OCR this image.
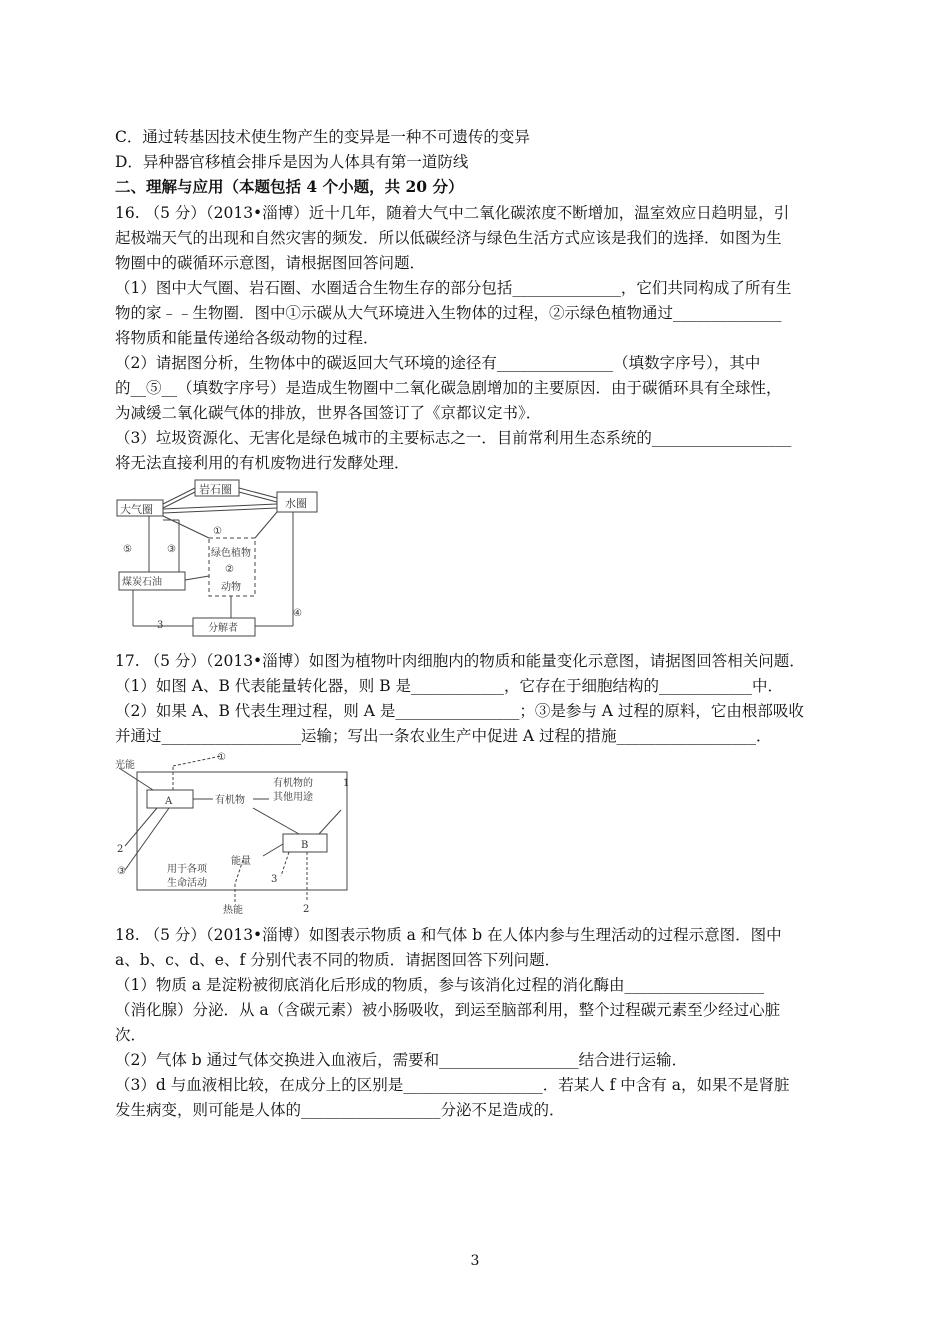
C．通过转基因技术使生物产生的变异是一种不可遗传的变异
D．异种器官移植会排斥是因为人体具有第一道防线
二、理解与应用（本题包括 4 个小题，共 20 分）
16. （5 分）（2013•淄博）近十几年，随着大气中二氧化碳浓度不断增加，温室效应日趋明显，引
起极端天气的出现和自然灾害的频发．所以低碳经济与绿色生活方式应该是我们的选择．如图为生
物圈中的碳循环示意图，请根据图回答问题．
（1）图中大气圈、岩石圈、水圈适合生物生存的部分包括______________，它们共同构成了所有生
物的家﹣﹣生物圈．图中①示碳从大气环境进入生物体的过程，②示绿色植物通过______________
将物质和能量传递给各级动物的过程．
（2）请据图分析，生物体中的碳返回大气环境的途径有_______________（填数字序号），其中
的__⑤__（填数字序号）是造成生物圈中二氧化碳急剧增加的主要原因．由于碳循环具有全球性，
为减缓二氧化碳气体的排放，世界各国签订了《京都议定书》．
（3）垃圾资源化、无害化是绿色城市的主要标志之一．目前常利用生态系统的__________________
将无法直接利用的有机废物进行发酵处理．
岩石圈
大气圈	水圈
绿色植物
动物
煤炭石油
分解者
①
②
③
④
⑤
3
17. （5 分）（2013•淄博）如图为植物叶肉细胞内的物质和能量变化示意图，请据图回答相关问题．
（1）如图 A、B 代表能量转化器，则 B 是____________，它存在于细胞结构的____________中．
（2）如果 A、B 代表生理过程，则 A 是________________；③是参与 A 过程的原料，它由根部吸收
并通过__________________运输；写出一条农业生产中促进 A 过程的措施__________________．
光能
A
B
有机物
有机物的
其他用途
能量
用于各项
生命活动
热能
①
2
③
3
2
1
18. （5 分）（2013•淄博）如图表示物质 a 和气体 b 在人体内参与生理活动的过程示意图．图中
a、b、c、d、e、f 分别代表不同的物质．请据图回答下列问题．
（1）物质 a 是淀粉被彻底消化后形成的物质，参与该消化过程的消化酶由__________________
（消化腺）分泌．从 a（含碳元素）被小肠吸收，到运至脑部利用，整个过程碳元素至少经过心脏
次．
（2）气体 b 通过气体交换进入血液后，需要和__________________结合进行运输．
（3）d 与血液相比较，在成分上的区别是__________________．若某人 f 中含有 a，如果不是肾脏
发生病变，则可能是人体的__________________分泌不足造成的．
3
